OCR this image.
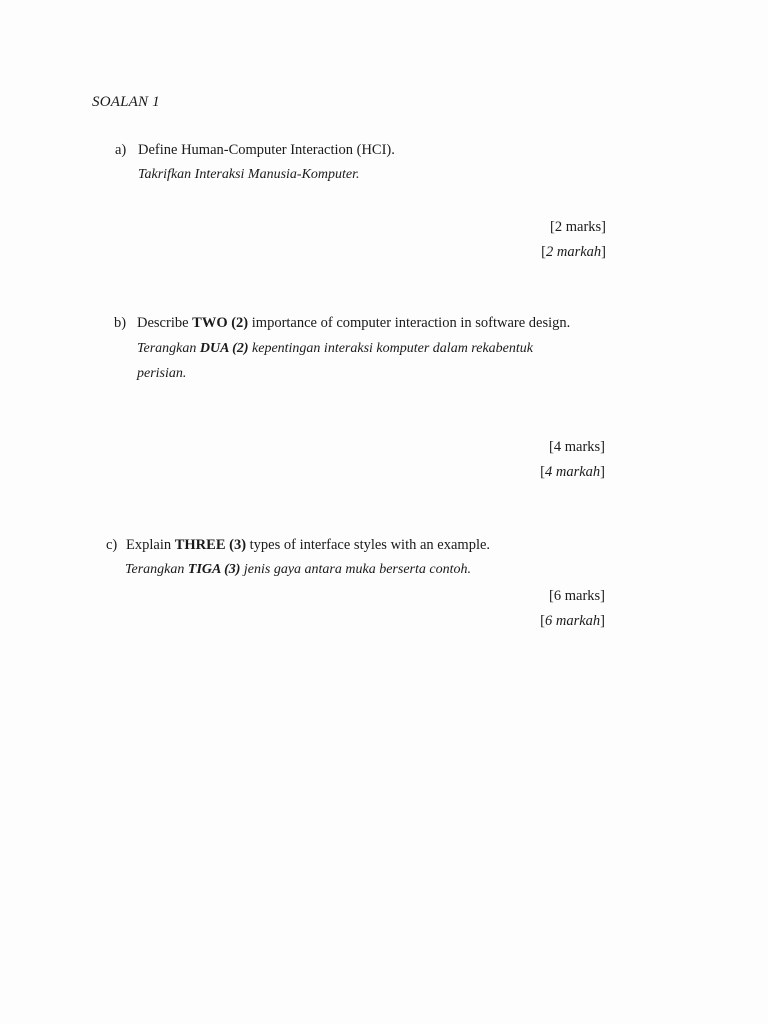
SOALAN 1
a) Define Human-Computer Interaction (HCI).
Takrifkan Interaksi Manusia-Komputer.
[2 marks]
[2 markah]
b) Describe TWO (2) importance of computer interaction in software design.
Terangkan DUA (2) kepentingan interaksi komputer dalam rekabentuk
perisian.
[4 marks]
[4 markah]
c) Explain THREE (3) types of interface styles with an example.
Terangkan TIGA (3) jenis gaya antara muka berserta contoh.
[6 marks]
[6 markah]
